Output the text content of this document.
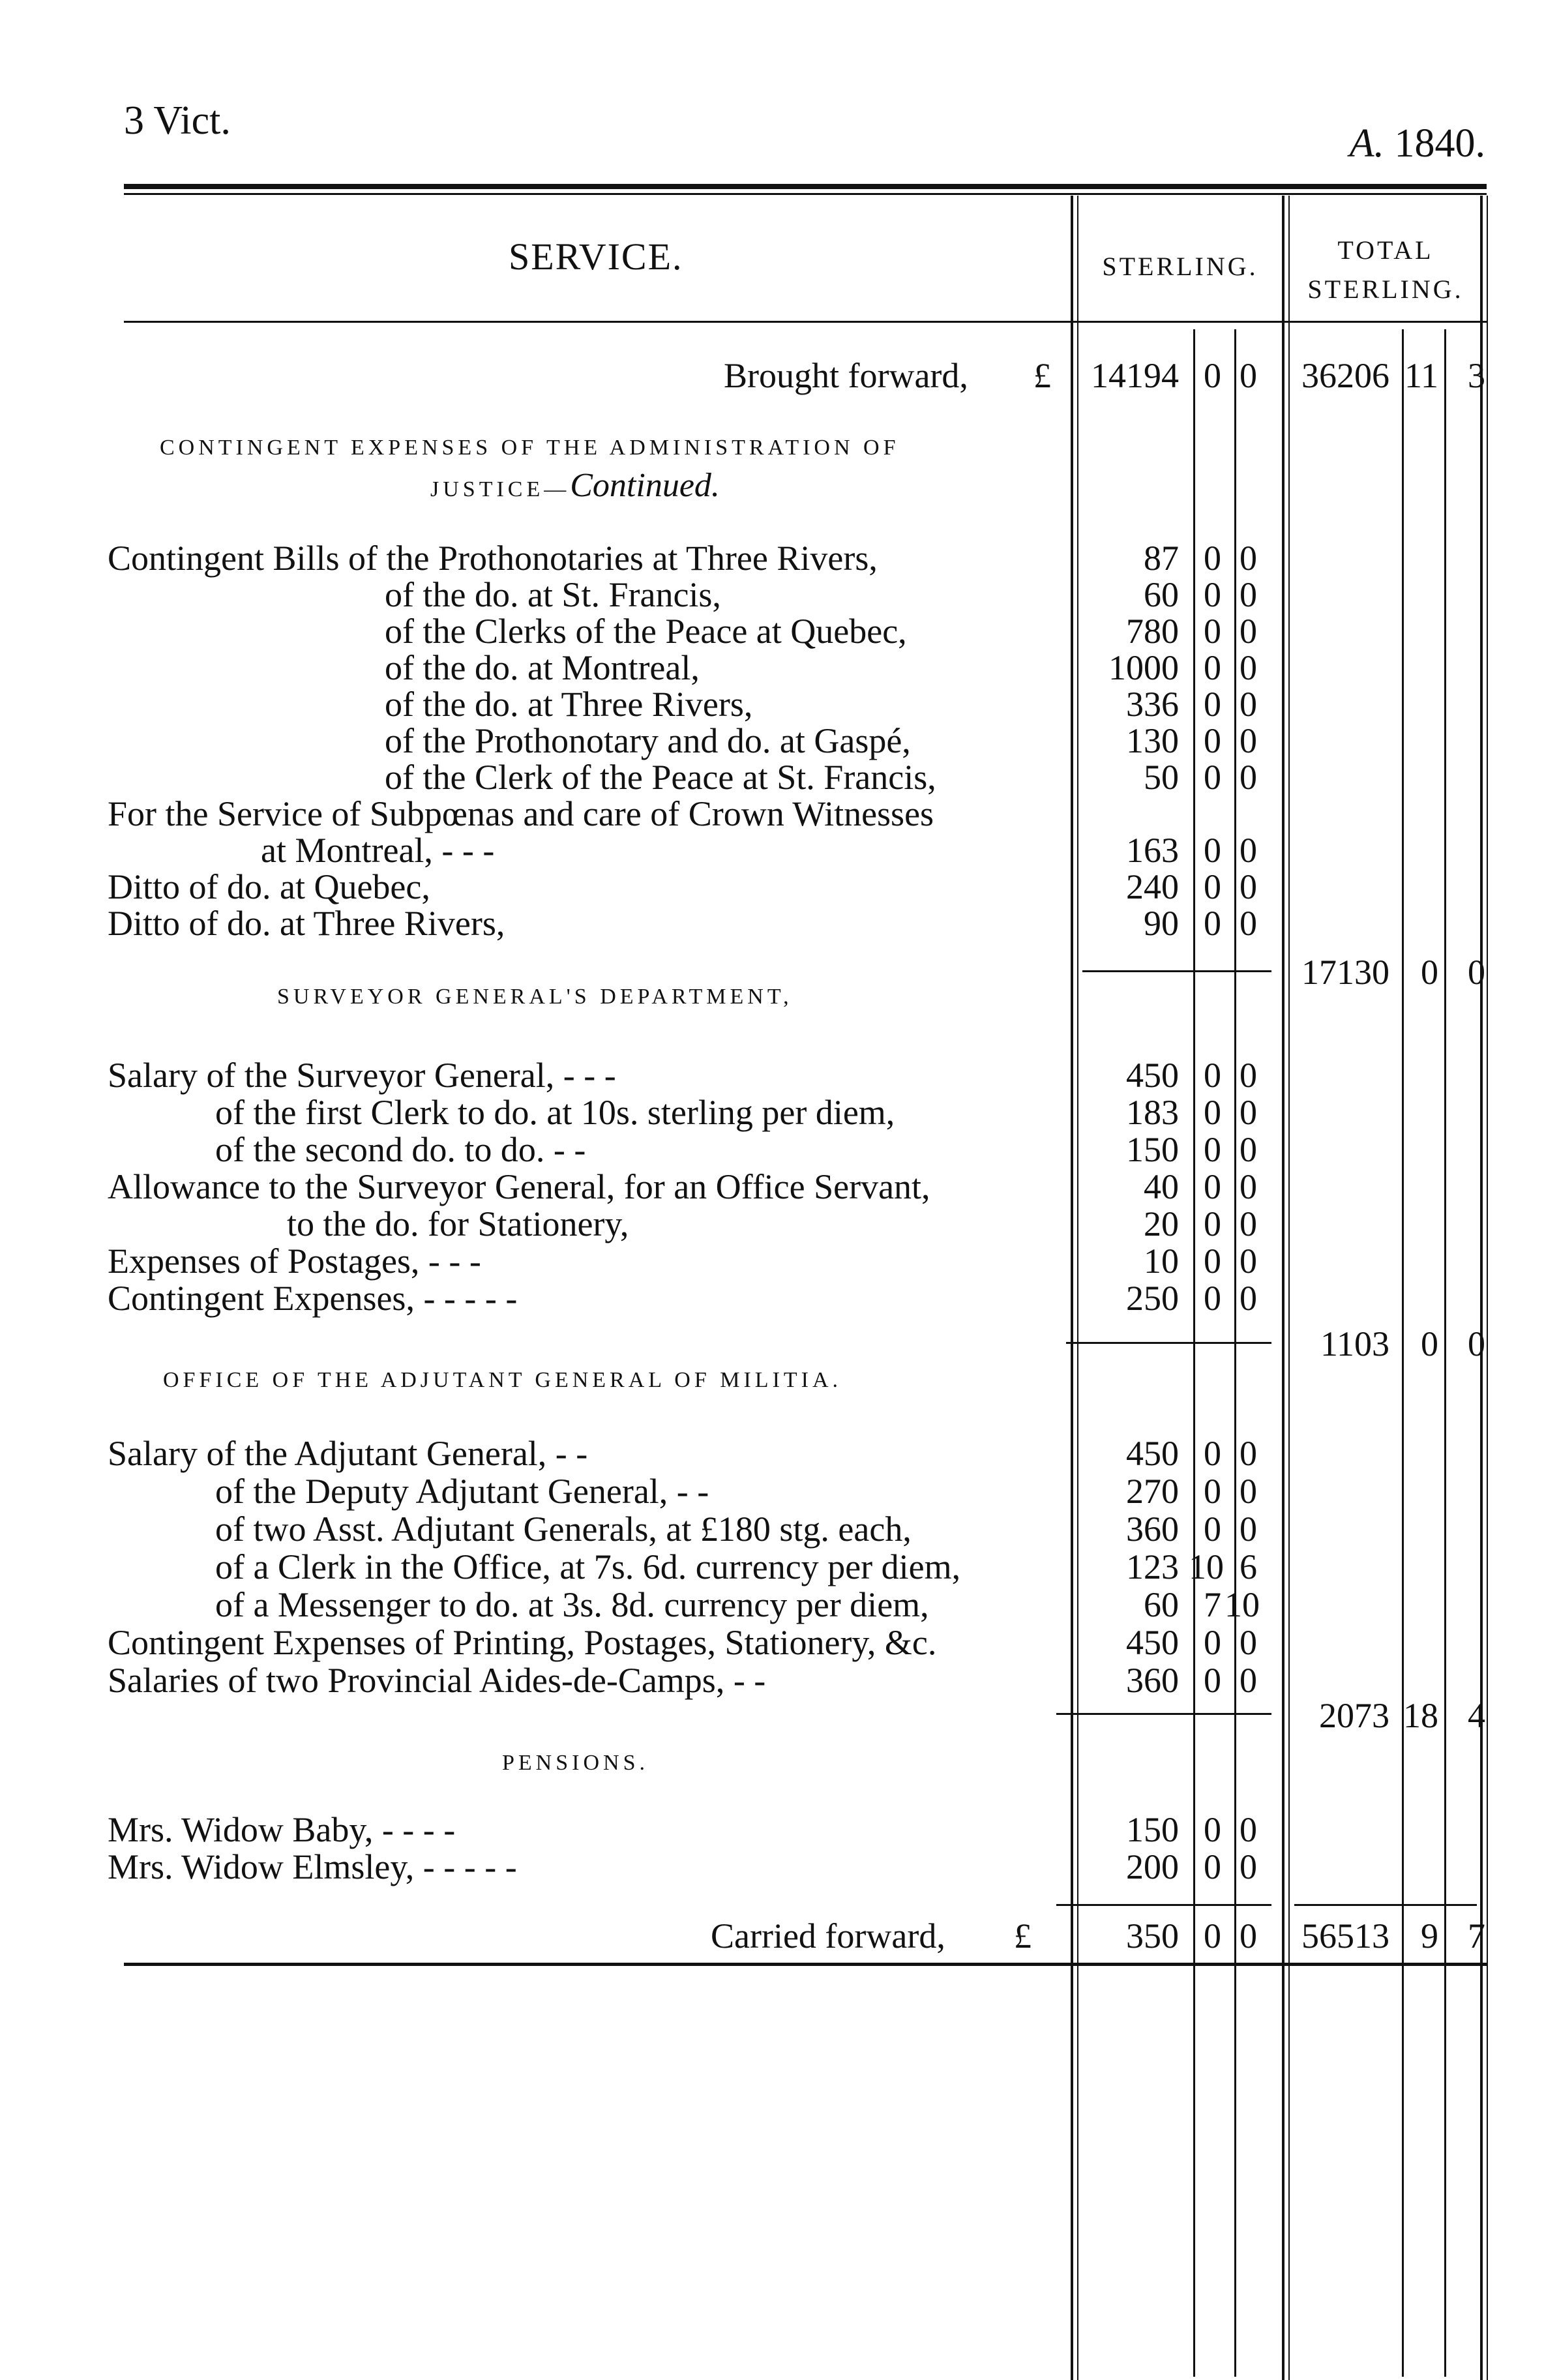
3 Vict.
A. 1840.
SERVICE.	STERLING.
TOTAL
STERLING.
Brought forward, £	14194 0 0	36206 11 3
CONTINGENT EXPENSES OF THE ADMINISTRATION OF
JUSTICE—Continued.
Contingent Bills of the Prothonotaries at Three Rivers,	87 0 0
of the do. at St. Francis,	60 0 0
of the Clerks of the Peace at Quebec,	780 0 0
of the do. at Montreal,	1000 0 0
of the do. at Three Rivers,	336 0 0
of the Prothonotary and do. at Gaspé,	130 0 0
of the Clerk of the Peace at St. Francis,	50 0 0
For the Service of Subpœnas and care of Crown Witnesses
at Montreal, - - -	163 0 0
Ditto of do. at Quebec,	240 0 0
Ditto of do. at Three Rivers,	90 0 0
17130 0 0
SURVEYOR GENERAL'S DEPARTMENT,
Salary of the Surveyor General, - - -	450 0 0
of the first Clerk to do. at 10s. sterling per diem,	183 0 0
of the second do. to do. - -	150 0 0
Allowance to the Surveyor General, for an Office Servant,	40 0 0
to the do. for Stationery,	20 0 0
Expenses of Postages, - - -	10 0 0
Contingent Expenses, - - - - -	250 0 0
1103 0 0
OFFICE OF THE ADJUTANT GENERAL OF MILITIA.
Salary of the Adjutant General, - -	450 0 0
of the Deputy Adjutant General, - -	270 0 0
of two Asst. Adjutant Generals, at £180 stg. each,	360 0 0
of a Clerk in the Office, at 7s. 6d. currency per diem,	123 10 6
of a Messenger to do. at 3s. 8d. currency per diem,	60 7 10
Contingent Expenses of Printing, Postages, Stationery, &c.	450 0 0
Salaries of two Provincial Aides-de-Camps, - -	360 0 0
2073 18 4
PENSIONS.
Mrs. Widow Baby, - - - -	150 0 0
Mrs. Widow Elmsley, - - - - -	200 0 0
Carried forward, £	350 0 0	56513 9 7
